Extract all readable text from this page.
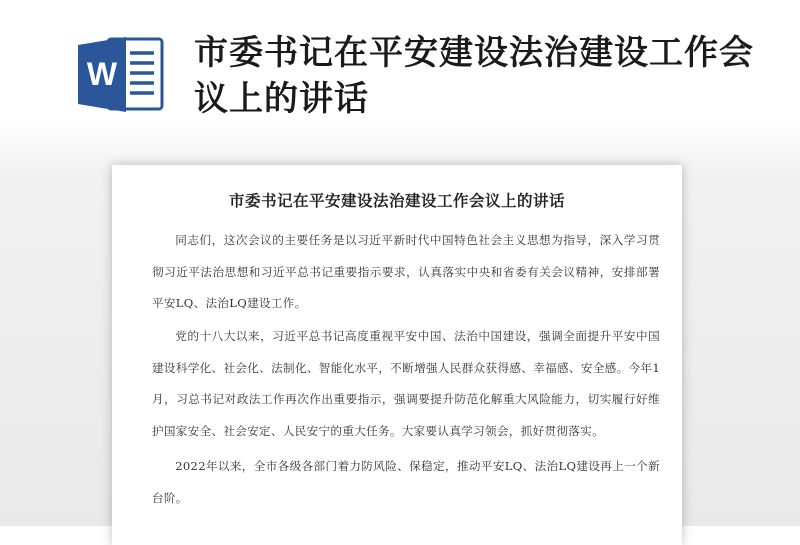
W
市委书记在平安建设法治建设工作会议上的讲话
市委书记在平安建设法治建设工作会议上的讲话

同志们，这次会议的主要任务是以习近平新时代中国特色社会主义思想为指导，深入学习贯彻习近平法治思想和习近平总书记重要指示要求，认真落实中央和省委有关会议精神，安排部署平安LQ、法治LQ建设工作。

党的十八大以来，习近平总书记高度重视平安中国、法治中国建设，强调全面提升平安中国建设科学化、社会化、法制化、智能化水平，不断增强人民群众获得感、幸福感、安全感。今年1月，习总书记对政法工作再次作出重要指示，强调要提升防范化解重大风险能力，切实履行好维护国家安全、社会安定、人民安宁的重大任务。大家要认真学习领会，抓好贯彻落实。

2022年以来，全市各级各部门着力防风险、保稳定，推动平安LQ、法治LQ建设再上一个新台阶。
